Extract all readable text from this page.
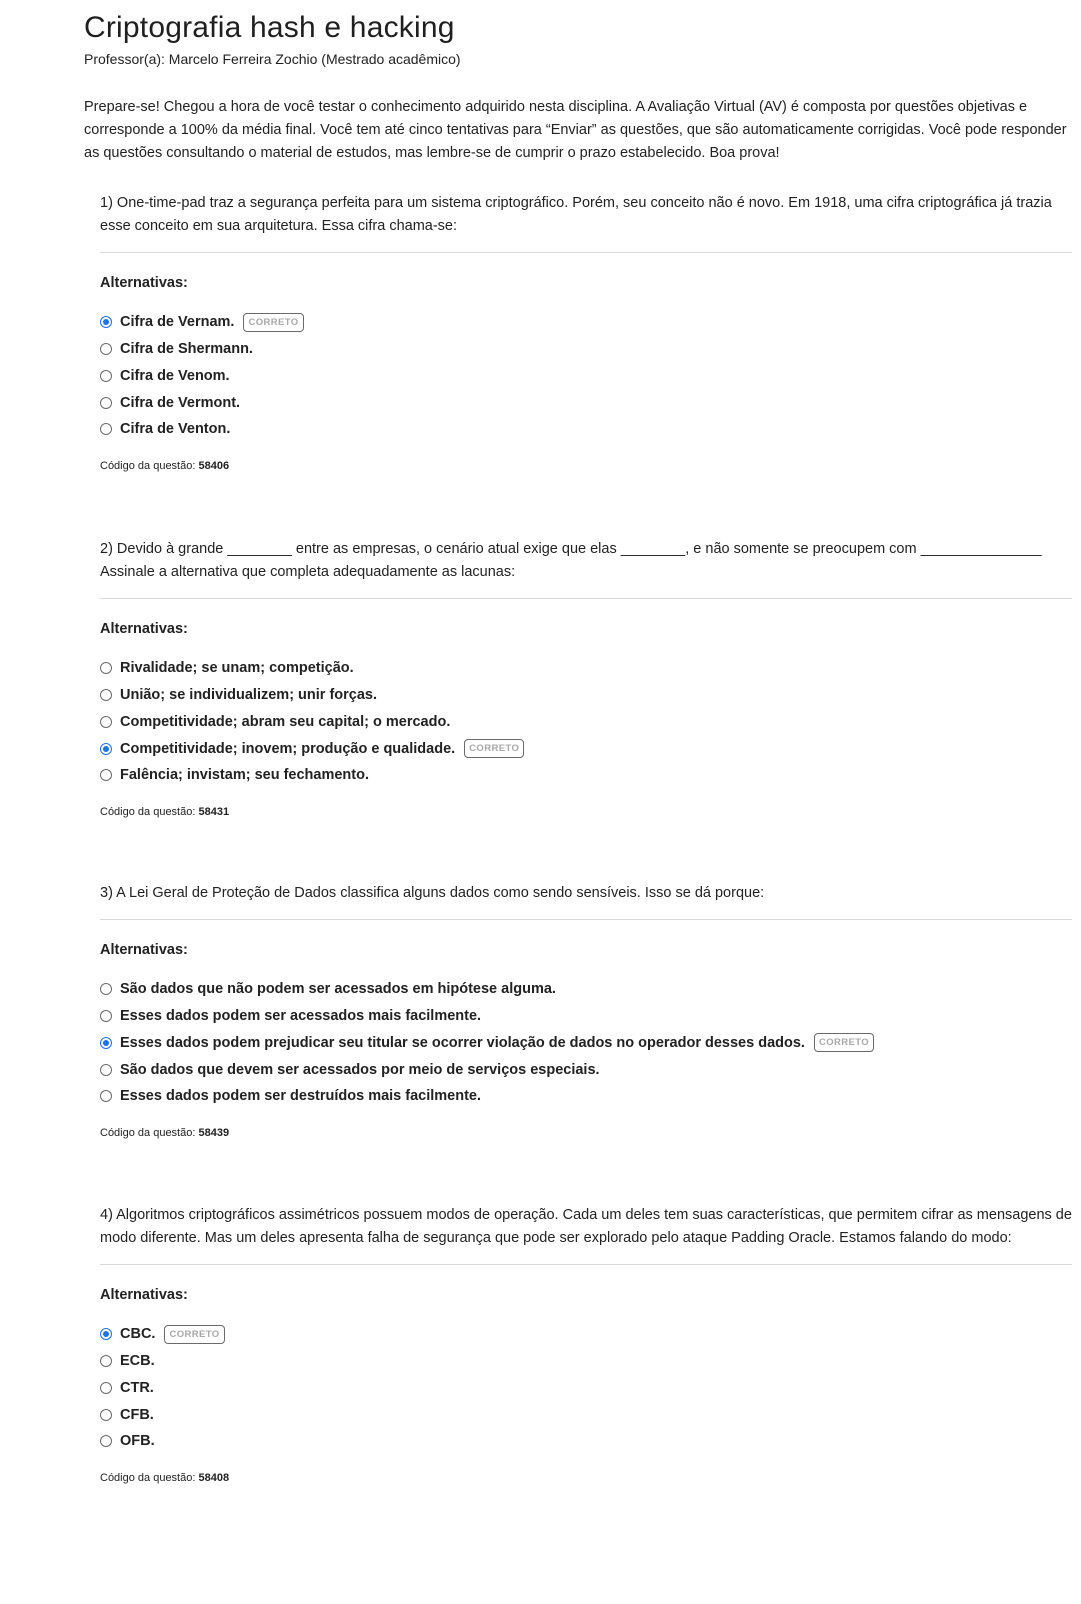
Criptografia hash e hacking
Professor(a): Marcelo Ferreira Zochio (Mestrado acadêmico)
Prepare-se! Chegou a hora de você testar o conhecimento adquirido nesta disciplina. A Avaliação Virtual (AV) é composta por questões objetivas e corresponde a 100% da média final. Você tem até cinco tentativas para “Enviar” as questões, que são automaticamente corrigidas. Você pode responder as questões consultando o material de estudos, mas lembre-se de cumprir o prazo estabelecido. Boa prova!
1) One-time-pad traz a segurança perfeita para um sistema criptográfico. Porém, seu conceito não é novo. Em 1918, uma cifra criptográfica já trazia esse conceito em sua arquitetura. Essa cifra chama-se:
Alternativas:
Cifra de Vernam.	CORRETO
Cifra de Shermann.
Cifra de Venom.
Cifra de Vermont.
Cifra de Venton.
Código da questão: 58406
2) Devido à grande ________ entre as empresas, o cenário atual exige que elas ________, e não somente se preocupem com _______________ Assinale a alternativa que completa adequadamente as lacunas:
Alternativas:
Rivalidade; se unam; competição.
União; se individualizem; unir forças.
Competitividade; abram seu capital; o mercado.
Competitividade; inovem; produção e qualidade.	CORRETO
Falência; invistam; seu fechamento.
Código da questão: 58431
3) A Lei Geral de Proteção de Dados classifica alguns dados como sendo sensíveis. Isso se dá porque:
Alternativas:
São dados que não podem ser acessados em hipótese alguma.
Esses dados podem ser acessados mais facilmente.
Esses dados podem prejudicar seu titular se ocorrer violação de dados no operador desses dados.	CORRETO
São dados que devem ser acessados por meio de serviços especiais.
Esses dados podem ser destruídos mais facilmente.
Código da questão: 58439
4) Algoritmos criptográficos assimétricos possuem modos de operação. Cada um deles tem suas características, que permitem cifrar as mensagens de modo diferente. Mas um deles apresenta falha de segurança que pode ser explorado pelo ataque Padding Oracle. Estamos falando do modo:
Alternativas:
CBC.	CORRETO
ECB.
CTR.
CFB.
OFB.
Código da questão: 58408
